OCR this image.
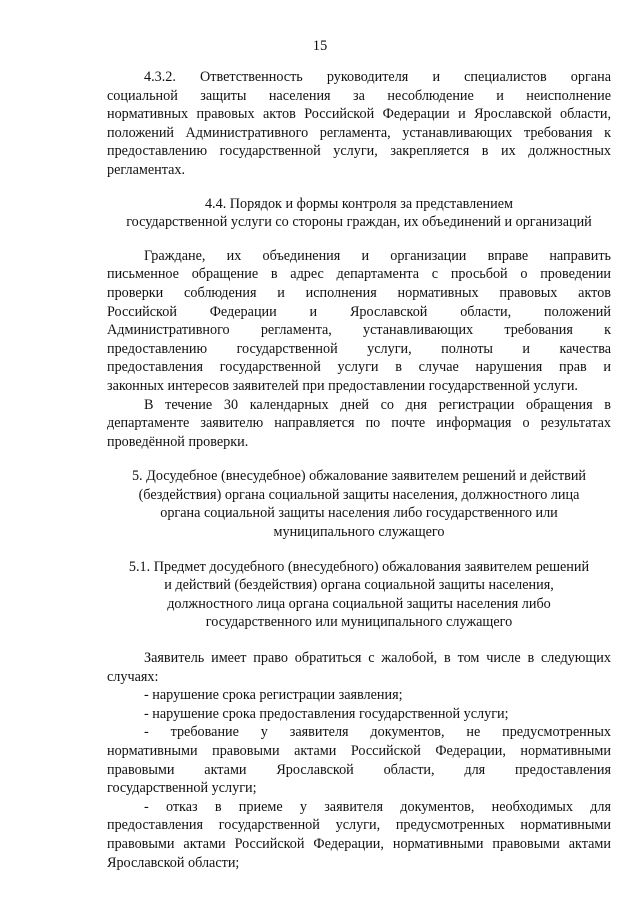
15

4.3.2. Ответственность руководителя и специалистов органа
социальной защиты населения за несоблюдение и неисполнение
нормативных правовых актов Российской Федерации и Ярославской области,
положений Административного регламента, устанавливающих требования к
предоставлению государственной услуги, закрепляется в их должностных
регламентах.

4.4. Порядок и формы контроля за представлением
государственной услуги со стороны граждан, их объединений и организаций

Граждане, их объединения и организации вправе направить
письменное обращение в адрес департамента с просьбой о проведении
проверки соблюдения и исполнения нормативных правовых актов
Российской Федерации и Ярославской области, положений
Административного регламента, устанавливающих требования к
предоставлению государственной услуги, полноты и качества
предоставления государственной услуги в случае нарушения прав и
законных интересов заявителей при предоставлении государственной услуги.

В течение 30 календарных дней со дня регистрации обращения в
департаменте заявителю направляется по почте информация о результатах
проведённой проверки.

5. Досудебное (внесудебное) обжалование заявителем решений и действий
(бездействия) органа социальной защиты населения, должностного лица
органа социальной защиты населения либо государственного или
муниципального служащего
5.1. Предмет досудебного (внесудебного) обжалования заявителем решений
и действий (бездействия) органа социальной защиты населения,
должностного лица органа социальной защиты населения либо
государственного или муниципального служащего

Заявитель имеет право обратиться с жалобой, в том числе в следующих
случаях:

- нарушение срока регистрации заявления;

- нарушение срока предоставления государственной услуги;

- требование у заявителя документов, не предусмотренных
нормативными правовыми актами Российской Федерации, нормативными
правовыми актами Ярославской области, для предоставления
государственной услуги;

- отказ в приеме у заявителя документов, необходимых для
предоставления государственной услуги, предусмотренных нормативными
правовыми актами Российской Федерации, нормативными правовыми актами
Ярославской области;
